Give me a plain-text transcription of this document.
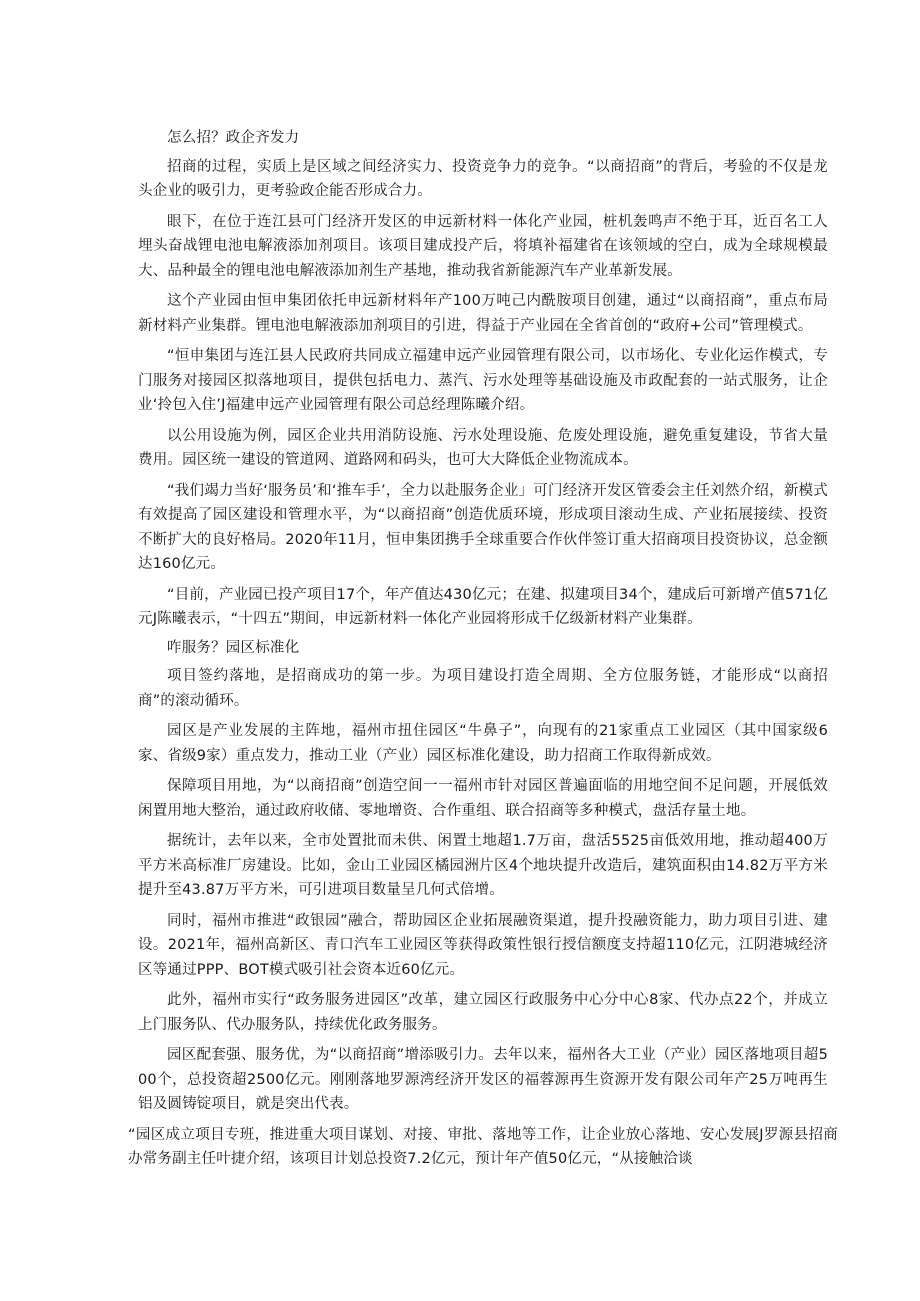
怎么招？政企齐发力

招商的过程，实质上是区域之间经济实力、投资竞争力的竞争。“以商招商”的背后，考验的不仅是龙头企业的吸引力，更考验政企能否形成合力。

眼下，在位于连江县可门经济开发区的申远新材料一体化产业园，桩机轰鸣声不绝于耳，近百名工人埋头奋战锂电池电解液添加剂项目。该项目建成投产后，将填补福建省在该领域的空白，成为全球规模最大、品种最全的锂电池电解液添加剂生产基地，推动我省新能源汽车产业革新发展。

这个产业园由恒申集团依托申远新材料年产100万吨己内酰胺项目创建，通过“以商招商”，重点布局新材料产业集群。锂电池电解液添加剂项目的引进，得益于产业园在全省首创的“政府+公司”管理模式。

“恒申集团与连江县人民政府共同成立福建申远产业园管理有限公司，以市场化、专业化运作模式，专门服务对接园区拟落地项目，提供包括电力、蒸汽、污水处理等基础设施及市政配套的一站式服务，让企业‘拎包入住’J福建申远产业园管理有限公司总经理陈曦介绍。

以公用设施为例，园区企业共用消防设施、污水处理设施、危废处理设施，避免重复建设，节省大量费用。园区统一建设的管道网、道路网和码头，也可大大降低企业物流成本。

“我们竭力当好‘服务员’和‘推车手’，全力以赴服务企业」可门经济开发区管委会主任刘然介绍，新模式有效提高了园区建设和管理水平，为“以商招商”创造优质环境，形成项目滚动生成、产业拓展接续、投资不断扩大的良好格局。2020年11月，恒申集团携手全球重要合作伙伴签订重大招商项目投资协议，总金额达160亿元。

“目前，产业园已投产项目17个，年产值达430亿元；在建、拟建项目34个，建成后可新增产值571亿元J陈曦表示，“十四五”期间，申远新材料一体化产业园将形成千亿级新材料产业集群。

咋服务？园区标准化

项目签约落地，是招商成功的第一步。为项目建设打造全周期、全方位服务链，才能形成“以商招商”的滚动循环。

园区是产业发展的主阵地，福州市扭住园区“牛鼻子”，向现有的21家重点工业园区（其中国家级6家、省级9家）重点发力，推动工业（产业）园区标准化建设，助力招商工作取得新成效。

保障项目用地，为“以商招商”创造空间一一福州市针对园区普遍面临的用地空间不足问题，开展低效闲置用地大整治，通过政府收储、零地增资、合作重组、联合招商等多种模式，盘活存量土地。

据统计，去年以来，全市处置批而未供、闲置土地超1.7万亩，盘活5525亩低效用地，推动超400万平方米高标准厂房建设。比如，金山工业园区橘园洲片区4个地块提升改造后，建筑面积由14.82万平方米提升至43.87万平方米，可引进项目数量呈几何式倍增。

同时，福州市推进“政银园”融合，帮助园区企业拓展融资渠道，提升投融资能力，助力项目引进、建设。2021年，福州高新区、青口汽车工业园区等获得政策性银行授信额度支持超110亿元，江阴港城经济区等通过PPP、BOT模式吸引社会资本近60亿元。

此外，福州市实行“政务服务进园区”改革，建立园区行政服务中心分中心8家、代办点22个，并成立上门服务队、代办服务队，持续优化政务服务。

园区配套强、服务优，为“以商招商”增添吸引力。去年以来，福州各大工业（产业）园区落地项目超500个，总投资超2500亿元。刚刚落地罗源湾经济开发区的福蓉源再生资源开发有限公司年产25万吨再生铝及圆铸锭项目，就是突出代表。

“园区成立项目专班，推进重大项目谋划、对接、审批、落地等工作，让企业放心落地、安心发展J罗源县招商办常务副主任叶捷介绍，该项目计划总投资7.2亿元，预计年产值50亿元，“从接触洽谈
